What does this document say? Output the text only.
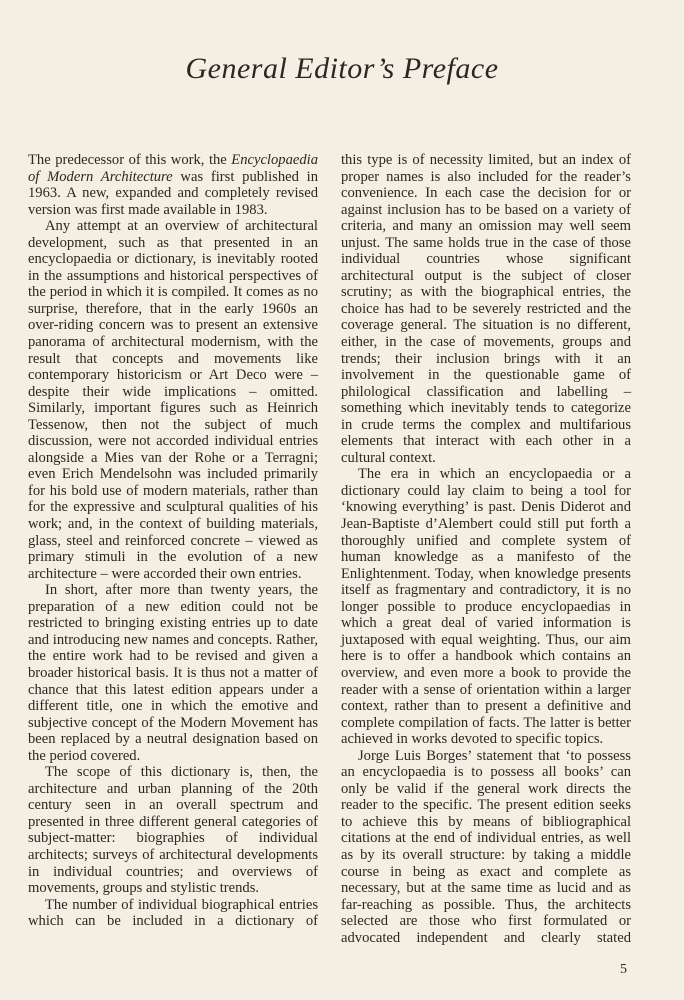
General Editor’s Preface

The predecessor of this work, the Encyclopaedia of Modern Architecture was first published in 1963. A new, expanded and completely revised version was first made available in 1983.

Any attempt at an overview of architectural development, such as that presented in an encyclopaedia or dictionary, is inevitably rooted in the assumptions and historical perspectives of the period in which it is compiled. It comes as no surprise, therefore, that in the early 1960s an over-riding concern was to present an extensive panorama of architectural modernism, with the result that concepts and movements like contemporary historicism or Art Deco were – despite their wide implications – omitted. Similarly, important figures such as Heinrich Tessenow, then not the subject of much discussion, were not accorded individual entries alongside a Mies van der Rohe or a Terragni; even Erich Mendelsohn was included primarily for his bold use of modern materials, rather than for the expressive and sculptural qualities of his work; and, in the context of building materials, glass, steel and reinforced concrete – viewed as primary stimuli in the evolution of a new architecture – were accorded their own entries.

In short, after more than twenty years, the preparation of a new edition could not be restricted to bringing existing entries up to date and introducing new names and concepts. Rather, the entire work had to be revised and given a broader historical basis. It is thus not a matter of chance that this latest edition appears under a different title, one in which the emotive and subjective concept of the Modern Movement has been replaced by a neutral designation based on the period covered.

The scope of this dictionary is, then, the architecture and urban planning of the 20th century seen in an overall spectrum and presented in three different general categories of subject-matter: biographies of individual architects; surveys of architectural developments in individual countries; and overviews of movements, groups and stylistic trends.

The number of individual biographical entries which can be included in a dictionary of

this type is of necessity limited, but an index of proper names is also included for the reader’s convenience. In each case the decision for or against inclusion has to be based on a variety of criteria, and many an omission may well seem unjust. The same holds true in the case of those individual countries whose significant architectural output is the subject of closer scrutiny; as with the biographical entries, the choice has had to be severely restricted and the coverage general. The situation is no different, either, in the case of movements, groups and trends; their inclusion brings with it an involvement in the questionable game of philological classification and labelling – something which inevitably tends to categorize in crude terms the complex and multifarious elements that interact with each other in a cultural context.

The era in which an encyclopaedia or a dictionary could lay claim to being a tool for ‘knowing everything’ is past. Denis Diderot and Jean-Baptiste d’Alembert could still put forth a thoroughly unified and complete system of human knowledge as a manifesto of the Enlightenment. Today, when knowledge presents itself as fragmentary and contradictory, it is no longer possible to produce encyclopaedias in which a great deal of varied information is juxtaposed with equal weighting. Thus, our aim here is to offer a handbook which contains an overview, and even more a book to provide the reader with a sense of orientation within a larger context, rather than to present a definitive and complete compilation of facts. The latter is better achieved in works devoted to specific topics.

Jorge Luis Borges’ statement that ‘to possess an encyclopaedia is to possess all books’ can only be valid if the general work directs the reader to the specific. The present edition seeks to achieve this by means of bibliographical citations at the end of individual entries, as well as by its overall structure: by taking a middle course in being as exact and complete as necessary, but at the same time as lucid and as far-reaching as possible. Thus, the architects selected are those who first formulated or advocated independent and clearly stated

5
